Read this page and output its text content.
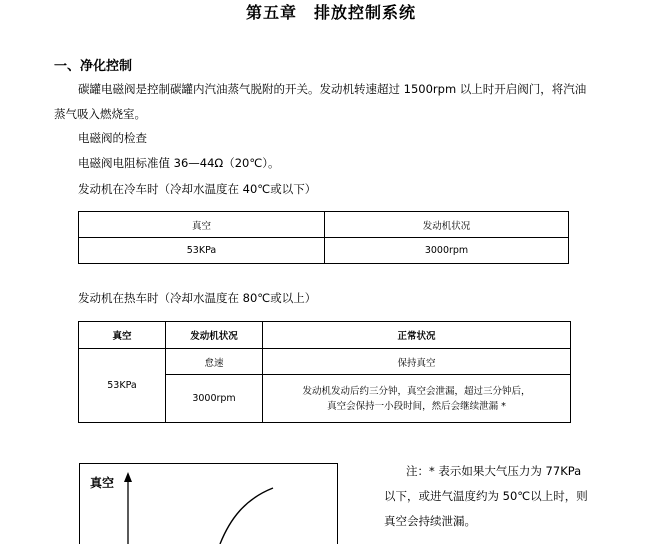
第五章　排放控制系统
一、净化控制
碳罐电磁阀是控制碳罐内汽油蒸气脱附的开关。发动机转速超过 1500rpm 以上时开启阀门，将汽油
蒸气吸入燃烧室。
电磁阀的检查
电磁阀电阻标准值 36—44Ω（20℃）。
发动机在冷车时（冷却水温度在 40℃或以下）
真空	发动机状况
53KPa	3000rpm
发动机在热车时（冷却水温度在 80℃或以上）
真空	发动机状况	正常状况
53KPa	怠速	保持真空
	3000rpm	发动机发动后约三分钟，真空会泄漏，超过三分钟后，
真空会保持一小段时间，然后会继续泄漏 *
真空
注：* 表示如果大气压力为 77KPa
以下，或进气温度约为 50℃以上时，则
真空会持续泄漏。
